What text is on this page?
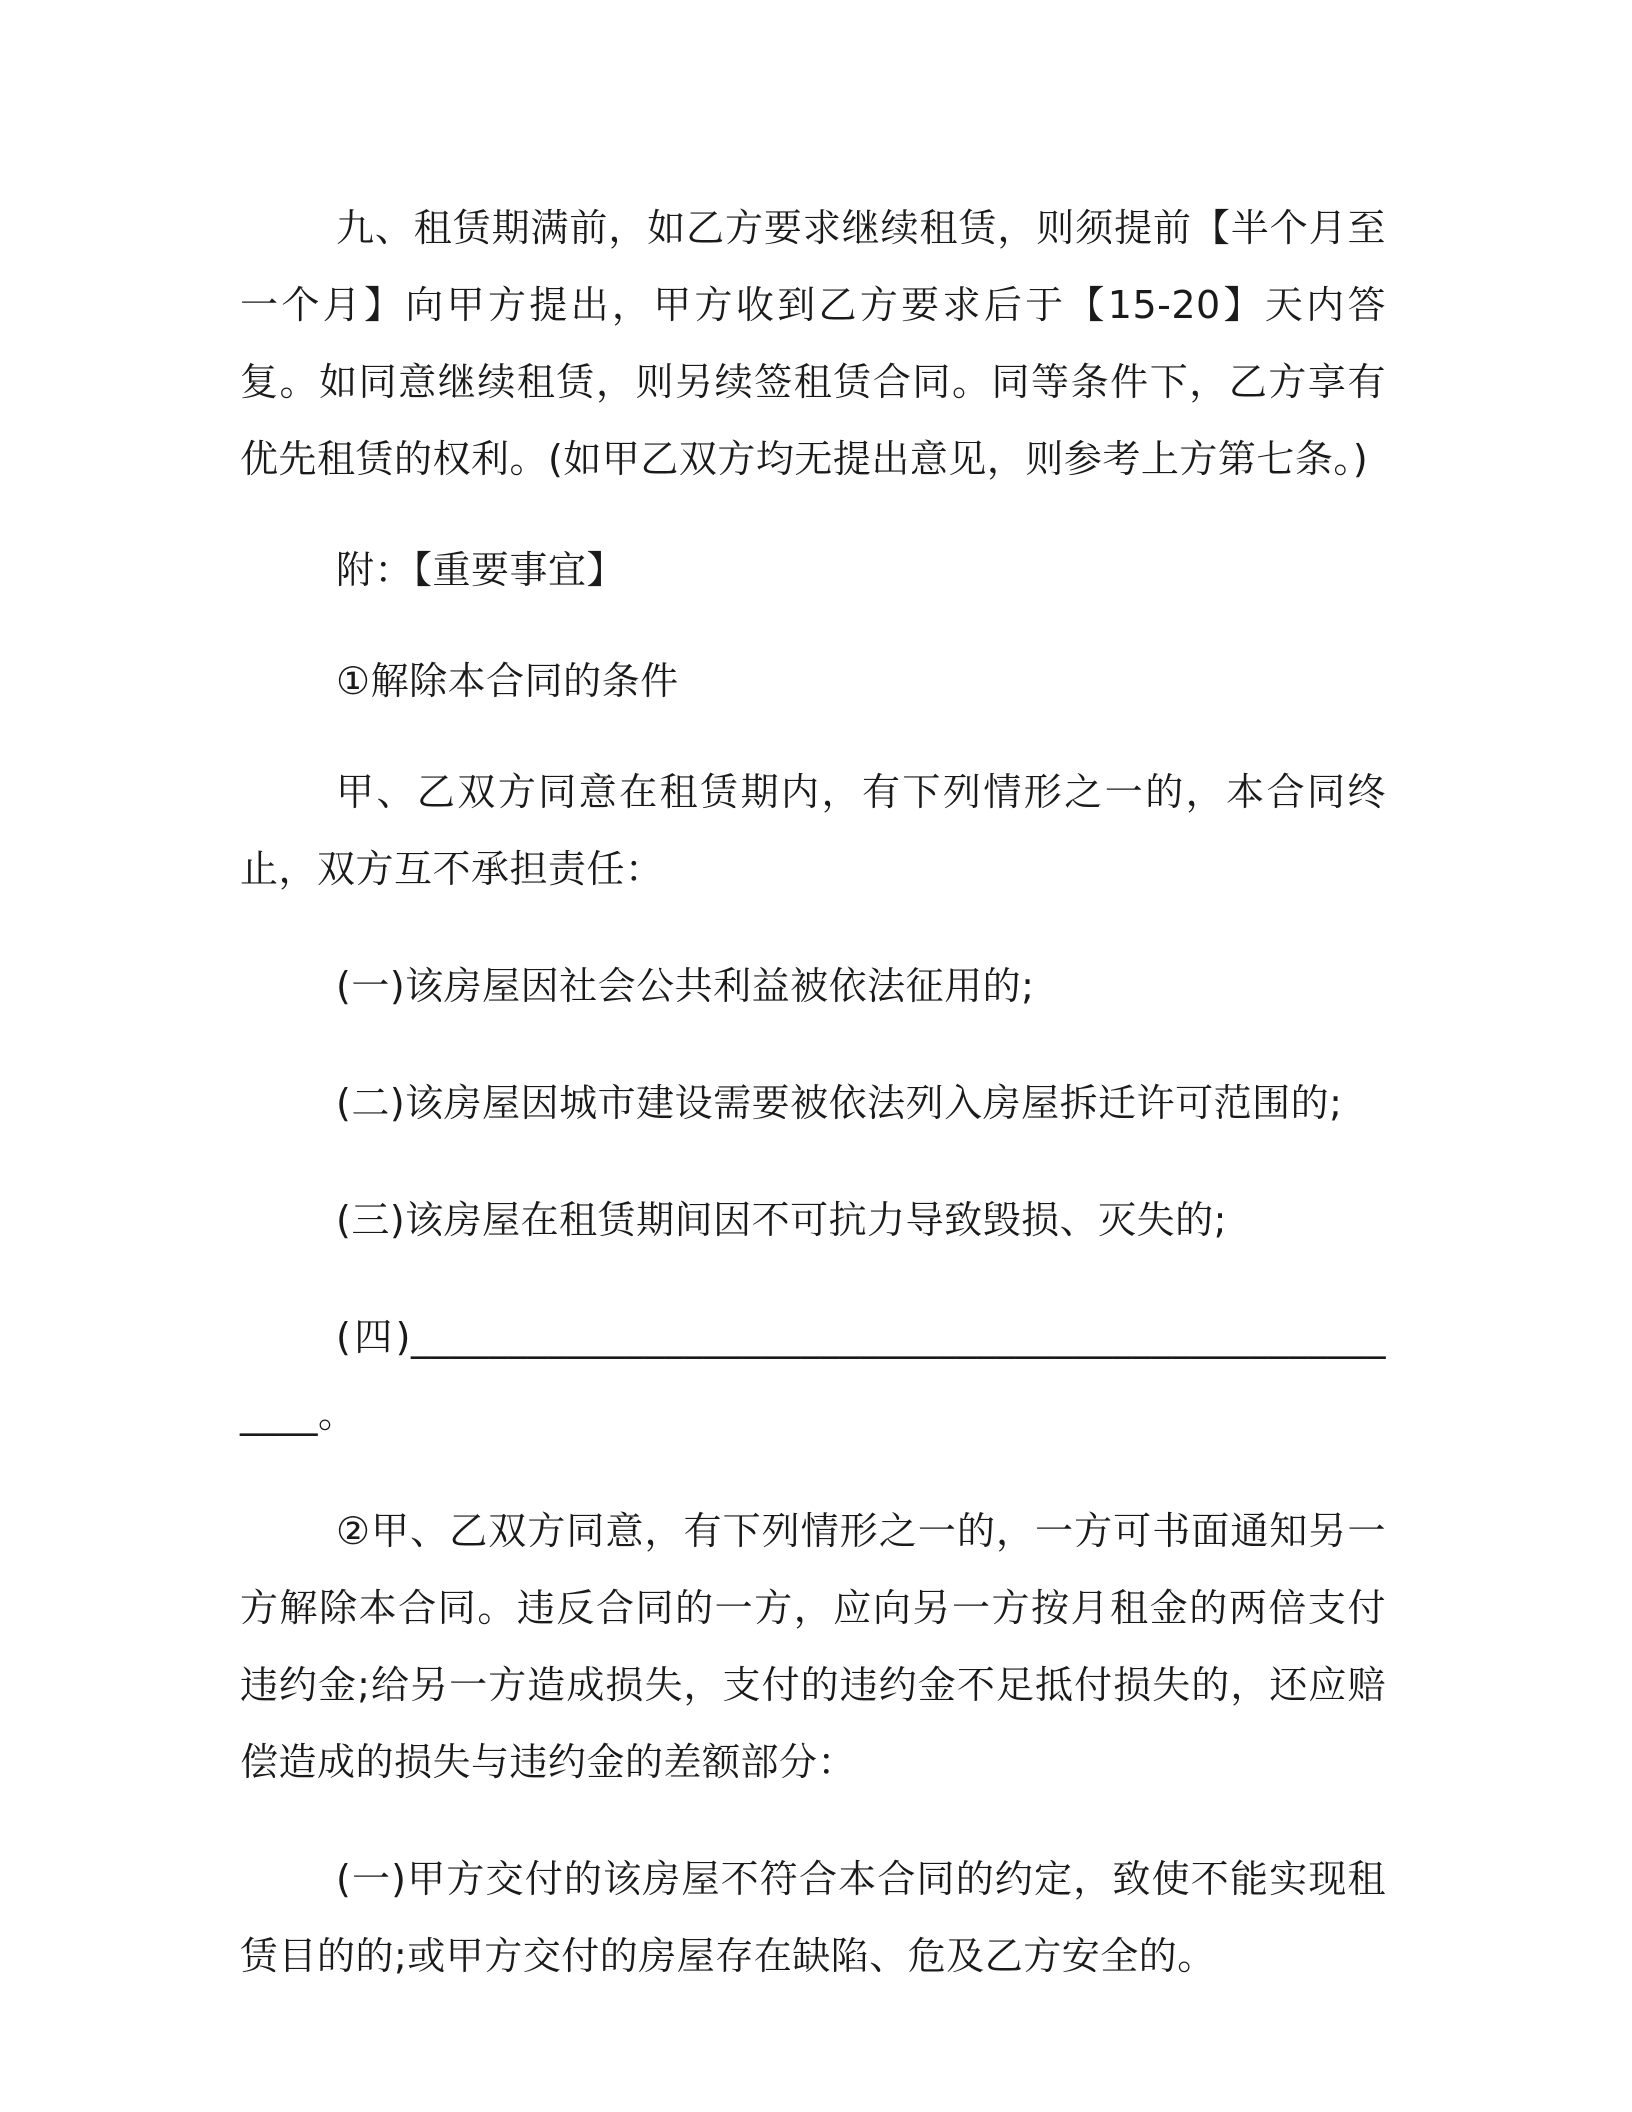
九、租赁期满前，如乙方要求继续租赁，则须提前【半个月至一个月】向甲方提出，甲方收到乙方要求后于【15-20】天内答复。如同意继续租赁，则另续签租赁合同。同等条件下，乙方享有优先租赁的权利。(如甲乙双方均无提出意见，则参考上方第七条。)

附：【重要事宜】

①解除本合同的条件

甲、乙双方同意在租赁期内，有下列情形之一的，本合同终止，双方互不承担责任：

(一)该房屋因社会公共利益被依法征用的;

(二)该房屋因城市建设需要被依法列入房屋拆迁许可范围的;

(三)该房屋在租赁期间因不可抗力导致毁损、灭失的;

(四)______________________________________________________。

②甲、乙双方同意，有下列情形之一的，一方可书面通知另一方解除本合同。违反合同的一方，应向另一方按月租金的两倍支付违约金;给另一方造成损失，支付的违约金不足抵付损失的，还应赔偿造成的损失与违约金的差额部分：

(一)甲方交付的该房屋不符合本合同的约定，致使不能实现租赁目的的;或甲方交付的房屋存在缺陷、危及乙方安全的。
